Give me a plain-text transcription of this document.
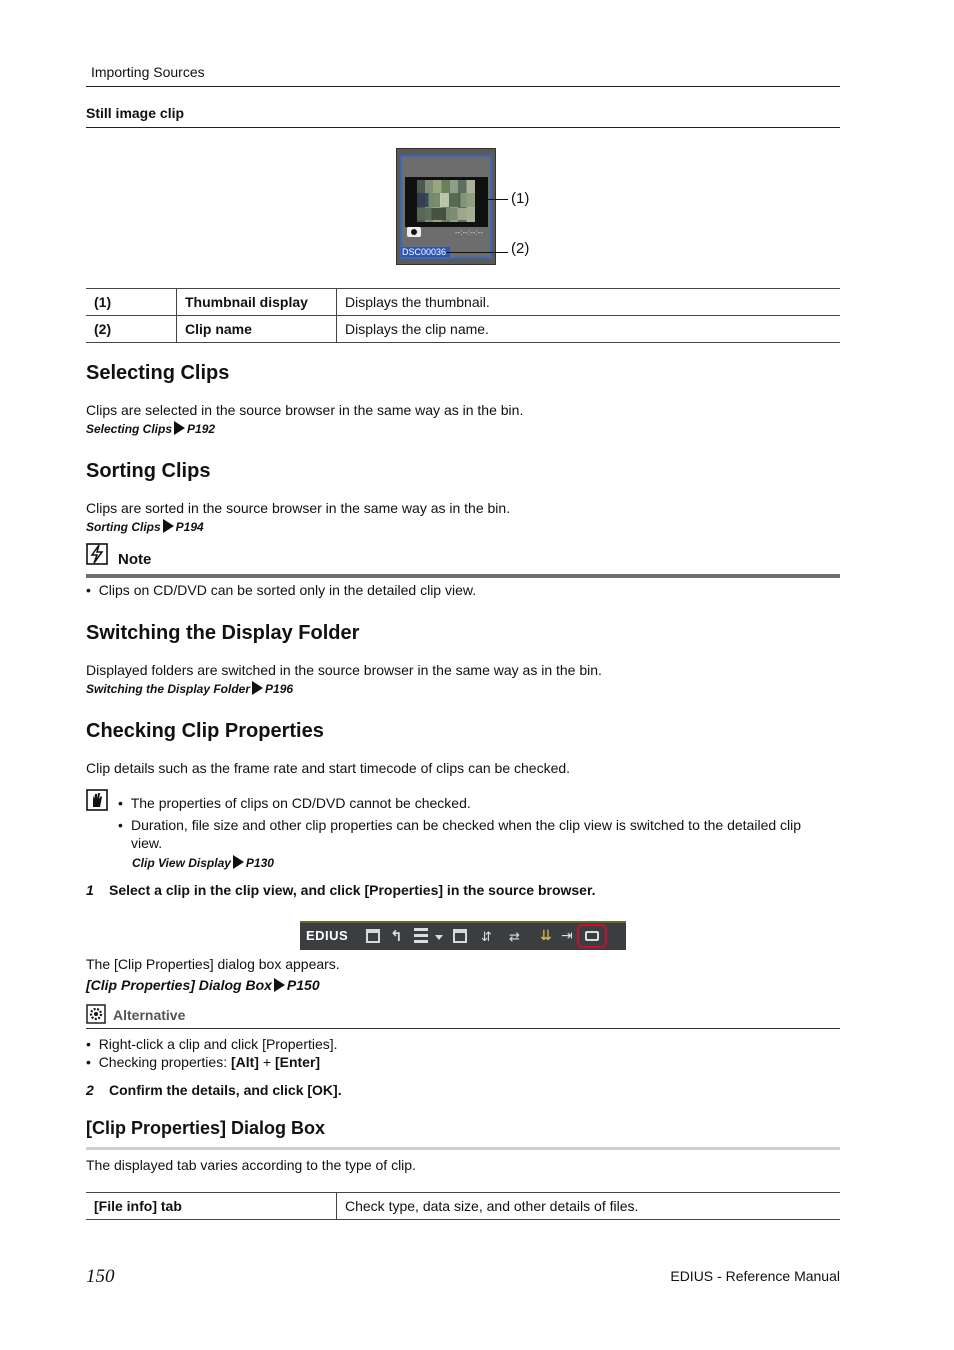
Importing Sources
Still image clip
--:--:--:--
DSC00036
(1)
(2)
(1)	Thumbnail display	Displays the thumbnail.
(2)	Clip name	Displays the clip name.
Selecting Clips
Clips are selected in the source browser in the same way as in the bin.
Selecting Clips P192
Sorting Clips
Clips are sorted in the source browser in the same way as in the bin.
Sorting Clips P194
Note
•  Clips on CD/DVD can be sorted only in the detailed clip view.
Switching the Display Folder
Displayed folders are switched in the source browser in the same way as in the bin.
Switching the Display Folder P196
Checking Clip Properties
Clip details such as the frame rate and start timecode of clips can be checked.
•  The properties of clips on CD/DVD cannot be checked.
• Duration, file size and other clip properties can be checked when the clip view is switched to the detailed clip view.
Clip View Display P130
1 Select a clip in the clip view, and click [Properties] in the source browser.
EDIUS	↰	⇵ ⇄ ⇊ ⇥
The [Clip Properties] dialog box appears.
[Clip Properties] Dialog Box P150
Alternative
•  Right-click a clip and click [Properties].
•  Checking properties: [Alt] + [Enter]
2 Confirm the details, and click [OK].
[Clip Properties] Dialog Box
The displayed tab varies according to the type of clip.
[File info] tab	Check type, data size, and other details of files.
150	EDIUS - Reference Manual
